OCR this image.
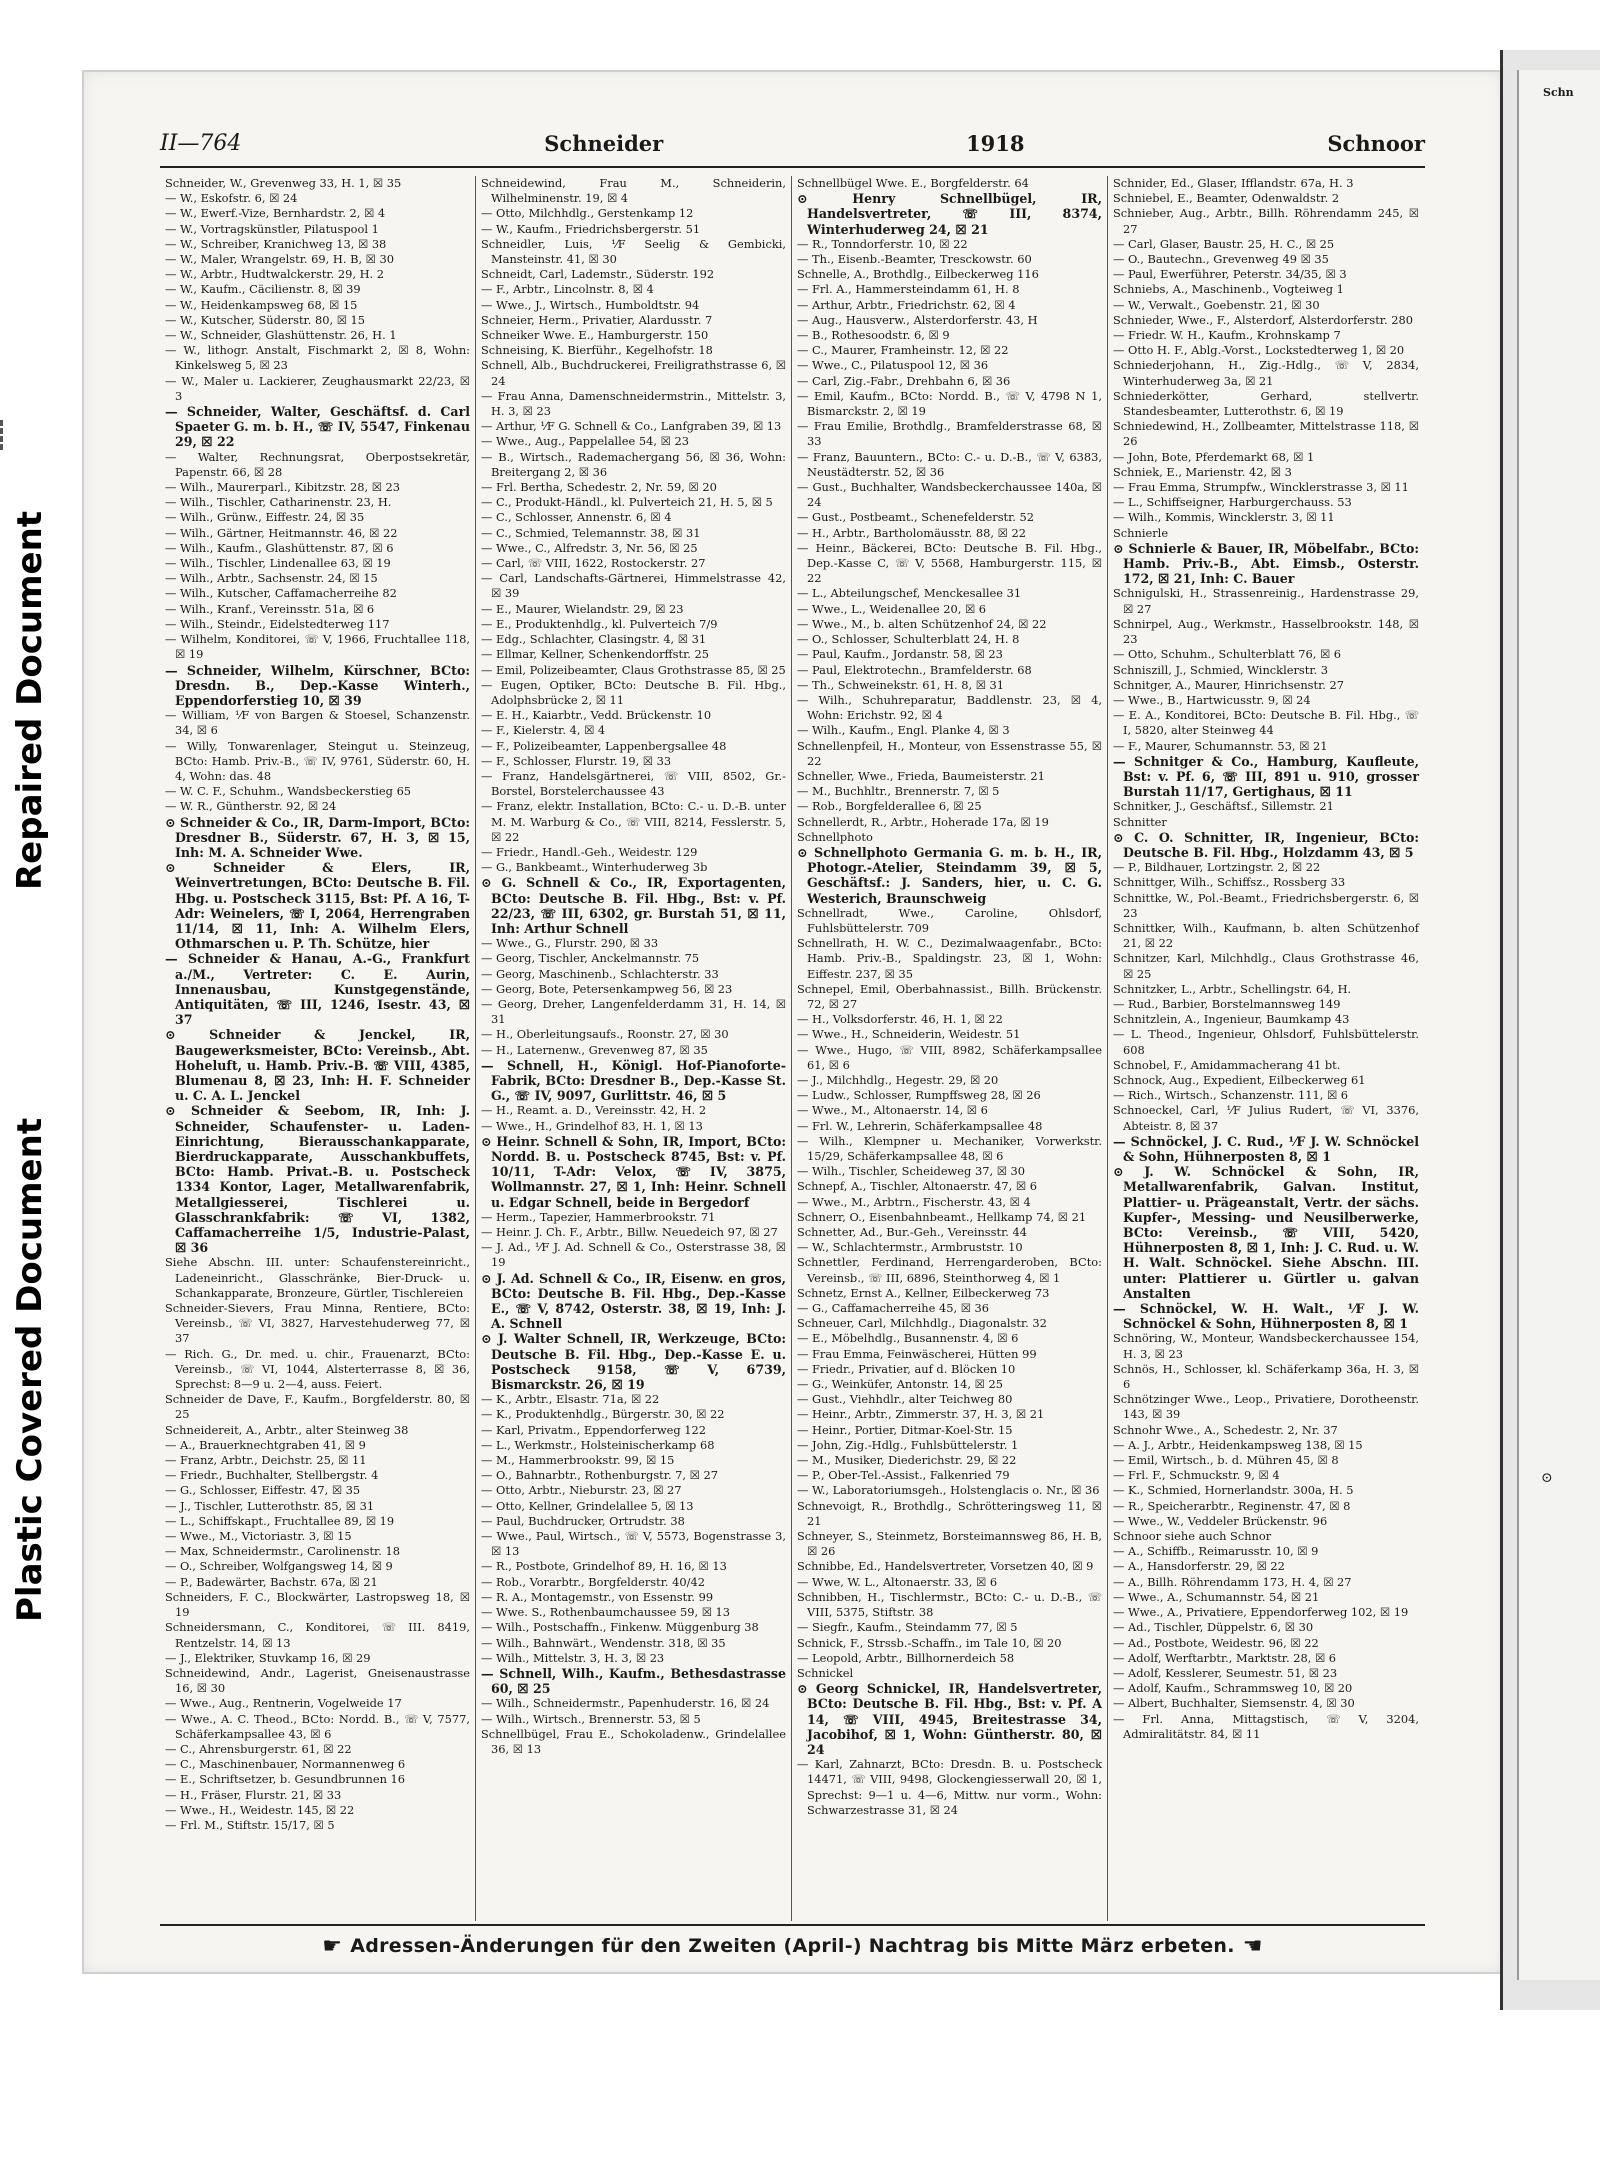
Repaired Document
Plastic Covered Document
Schn
⊙
II—764	Schneider	1918	Schnoor

Schneider, W., Grevenweg 33, H. 1, ☒ 35

— W., Eskofstr. 6, ☒ 24

— W., Ewerf.-Vize, Bernhardstr. 2, ☒ 4

— W., Vortragskünstler, Pilatuspool 1

— W., Schreiber, Kranichweg 13, ☒ 38

— W., Maler, Wrangelstr. 69, H. B, ☒ 30

— W., Arbtr., Hudtwalckerstr. 29, H. 2

— W., Kaufm., Cäcilienstr. 8, ☒ 39

— W., Heidenkampsweg 68, ☒ 15

— W., Kutscher, Süderstr. 80, ☒ 15

— W., Schneider, Glashüttenstr. 26, H. 1

— W., lithogr. Anstalt, Fischmarkt 2, ☒ 8, Wohn: Kinkelsweg 5, ☒ 23

— W., Maler u. Lackierer, Zeughausmarkt 22/23, ☒ 3

— Schneider, Walter, Geschäftsf. d. Carl Spaeter G. m. b. H., ☏ IV, 5547, Finkenau 29, ☒ 22

— Walter, Rechnungsrat, Oberpostsekretär, Papenstr. 66, ☒ 28

— Wilh., Maurerparl., Kibitzstr. 28, ☒ 23

— Wilh., Tischler, Catharinenstr. 23, H.

— Wilh., Grünw., Eiffestr. 24, ☒ 35

— Wilh., Gärtner, Heitmannstr. 46, ☒ 22

— Wilh., Kaufm., Glashüttenstr. 87, ☒ 6

— Wilh., Tischler, Lindenallee 63, ☒ 19

— Wilh., Arbtr., Sachsenstr. 24, ☒ 15

— Wilh., Kutscher, Caffamacherreihe 82

— Wilh., Kranf., Vereinsstr. 51a, ☒ 6

— Wilh., Steindr., Eidelstedterweg 117

— Wilhelm, Konditorei, ☏ V, 1966, Fruchtallee 118, ☒ 19

— Schneider, Wilhelm, Kürschner, BCto: Dresdn. B., Dep.-Kasse Winterh., Eppendorferstieg 10, ☒ 39

— William, ⅟F von Bargen & Stoesel, Schanzenstr. 34, ☒ 6

— Willy, Tonwarenlager, Steingut u. Steinzeug, BCto: Hamb. Priv.-B., ☏ IV, 9761, Süderstr. 60, H. 4, Wohn: das. 48

— W. C. F., Schuhm., Wandsbeckerstieg 65

— W. R., Güntherstr. 92, ☒ 24

⊙ Schneider & Co., IR, Darm-Import, BCto: Dresdner B., Süderstr. 67, H. 3, ☒ 15, Inh: M. A. Schneider Wwe.

⊙ Schneider & Elers, IR, Weinvertretungen, BCto: Deutsche B. Fil. Hbg. u. Postscheck 3115, Bst: Pf. A 16, T-Adr: Weinelers, ☏ I, 2064, Herrengraben 11/14, ☒ 11, Inh: A. Wilhelm Elers, Othmarschen u. P. Th. Schütze, hier

— Schneider & Hanau, A.-G., Frankfurt a./M., Vertreter: C. E. Aurin, Innenausbau, Kunstgegenstände, Antiquitäten, ☏ III, 1246, Isestr. 43, ☒ 37

⊙ Schneider & Jenckel, IR, Baugewerksmeister, BCto: Vereinsb., Abt. Hoheluft, u. Hamb. Priv.-B. ☏ VIII, 4385, Blumenau 8, ☒ 23, Inh: H. F. Schneider u. C. A. L. Jenckel

⊙ Schneider & Seebom, IR, Inh: J. Schneider, Schaufenster- u. Laden-Einrichtung, Bierausschankapparate, Bierdruckapparate, Ausschankbuffets, BCto: Hamb. Privat.-B. u. Postscheck 1334 Kontor, Lager, Metallwarenfabrik, Metallgiesserei, Tischlerei u. Glasschrankfabrik: ☏ VI, 1382, Caffamacherreihe 1/5, Industrie-Palast, ☒ 36

Siehe Abschn. III. unter: Schaufenstereinricht., Ladeneinricht., Glasschränke, Bier-Druck- u. Schankapparate, Bronzeure, Gürtler, Tischlereien

Schneider-Sievers, Frau Minna, Rentiere, BCto: Vereinsb., ☏ VI, 3827, Harvestehuderweg 77, ☒ 37

— Rich. G., Dr. med. u. chir., Frauenarzt, BCto: Vereinsb., ☏ VI, 1044, Alsterterrasse 8, ☒ 36, Sprechst: 8—9 u. 2—4, auss. Feiert.

Schneider de Dave, F., Kaufm., Borgfelderstr. 80, ☒ 25

Schneidereit, A., Arbtr., alter Steinweg 38

— A., Brauerknechtgraben 41, ☒ 9

— Franz, Arbtr., Deichstr. 25, ☒ 11

— Friedr., Buchhalter, Stellbergstr. 4

— G., Schlosser, Eiffestr. 47, ☒ 35

— J., Tischler, Lutterothstr. 85, ☒ 31

— L., Schiffskapt., Fruchtallee 89, ☒ 19

— Wwe., M., Victoriastr. 3, ☒ 15

— Max, Schneidermstr., Carolinenstr. 18

— O., Schreiber, Wolfgangsweg 14, ☒ 9

— P., Badewärter, Bachstr. 67a, ☒ 21

Schneiders, F. C., Blockwärter, Lastropsweg 18, ☒ 19

Schneidersmann, C., Konditorei, ☏ III. 8419, Rentzelstr. 14, ☒ 13

— J., Elektriker, Stuvkamp 16, ☒ 29

Schneidewind, Andr., Lagerist, Gneisenaustrasse 16, ☒ 30

— Wwe., Aug., Rentnerin, Vogelweide 17

— Wwe., A. C. Theod., BCto: Nordd. B., ☏ V, 7577, Schäferkampsallee 43, ☒ 6

— C., Ahrensburgerstr. 61, ☒ 22

— C., Maschinenbauer, Normannenweg 6

— E., Schriftsetzer, b. Gesundbrunnen 16

— H., Fräser, Flurstr. 21, ☒ 33

— Wwe., H., Weidestr. 145, ☒ 22

— Frl. M., Stiftstr. 15/17, ☒ 5

Schneidewind, Frau M., Schneiderin, Wilhelminenstr. 19, ☒ 4

— Otto, Milchhdlg., Gerstenkamp 12

— W., Kaufm., Friedrichsbergerstr. 51

Schneidler, Luis, ⅟F Seelig & Gembicki, Mansteinstr. 41, ☒ 30

Schneidt, Carl, Lademstr., Süderstr. 192

— F., Arbtr., Lincolnstr. 8, ☒ 4

— Wwe., J., Wirtsch., Humboldtstr. 94

Schneier, Herm., Privatier, Alardusstr. 7

Schneiker Wwe. E., Hamburgerstr. 150

Schneising, K. Bierführ., Kegelhofstr. 18

Schnell, Alb., Buchdruckerei, Freiligrathstrasse 6, ☒ 24

— Frau Anna, Damenschneidermstrin., Mittelstr. 3, H. 3, ☒ 23

— Arthur, ⅟F G. Schnell & Co., Lanfgraben 39, ☒ 13

— Wwe., Aug., Pappelallee 54, ☒ 23

— B., Wirtsch., Rademachergang 56, ☒ 36, Wohn: Breitergang 2, ☒ 36

— Frl. Bertha, Schedestr. 2, Nr. 59, ☒ 20

— C., Produkt-Händl., kl. Pulverteich 21, H. 5, ☒ 5

— C., Schlosser, Annenstr. 6, ☒ 4

— C., Schmied, Telemannstr. 38, ☒ 31

— Wwe., C., Alfredstr. 3, Nr. 56, ☒ 25

— Carl, ☏ VIII, 1622, Rostockerstr. 27

— Carl, Landschafts-Gärtnerei, Himmelstrasse 42, ☒ 39

— E., Maurer, Wielandstr. 29, ☒ 23

— E., Produktenhdlg., kl. Pulverteich 7/9

— Edg., Schlachter, Clasingstr. 4, ☒ 31

— Ellmar, Kellner, Schenkendorffstr. 25

— Emil, Polizeibeamter, Claus Grothstrasse 85, ☒ 25

— Eugen, Optiker, BCto: Deutsche B. Fil. Hbg., Adolphsbrücke 2, ☒ 11

— E. H., Kaiarbtr., Vedd. Brückenstr. 10

— F., Kielerstr. 4, ☒ 4

— F., Polizeibeamter, Lappenbergsallee 48

— F., Schlosser, Flurstr. 19, ☒ 33

— Franz, Handelsgärtnerei, ☏ VIII, 8502, Gr.-Borstel, Borstelerchaussee 43

— Franz, elektr. Installation, BCto: C.- u. D.-B. unter M. M. Warburg & Co., ☏ VIII, 8214, Fesslerstr. 5, ☒ 22

— Friedr., Handl.-Geh., Weidestr. 129

— G., Bankbeamt., Winterhuderweg 3b

⊙ G. Schnell & Co., IR, Exportagenten, BCto: Deutsche B. Fil. Hbg., Bst: v. Pf. 22/23, ☏ III, 6302, gr. Burstah 51, ☒ 11, Inh: Arthur Schnell

— Wwe., G., Flurstr. 290, ☒ 33

— Georg, Tischler, Anckelmannstr. 75

— Georg, Maschinenb., Schlachterstr. 33

— Georg, Bote, Petersenkampweg 56, ☒ 23

— Georg, Dreher, Langenfelderdamm 31, H. 14, ☒ 31

— H., Oberleitungsaufs., Roonstr. 27, ☒ 30

— H., Laternenw., Grevenweg 87, ☒ 35

— Schnell, H., Königl. Hof-Pianoforte-Fabrik, BCto: Dresdner B., Dep.-Kasse St. G., ☏ IV, 9097, Gurlittstr. 46, ☒ 5

— H., Reamt. a. D., Vereinsstr. 42, H. 2

— Wwe., H., Grindelhof 83, H. 1, ☒ 13

⊙ Heinr. Schnell & Sohn, IR, Import, BCto: Nordd. B. u. Postscheck 8745, Bst: v. Pf. 10/11, T-Adr: Velox, ☏ IV, 3875, Wollmannstr. 27, ☒ 1, Inh: Heinr. Schnell u. Edgar Schnell, beide in Bergedorf

— Herm., Tapezier, Hammerbrookstr. 71

— Heinr. J. Ch. F., Arbtr., Billw. Neuedeich 97, ☒ 27

— J. Ad., ⅟F J. Ad. Schnell & Co., Osterstrasse 38, ☒ 19

⊙ J. Ad. Schnell & Co., IR, Eisenw. en gros, BCto: Deutsche B. Fil. Hbg., Dep.-Kasse E., ☏ V, 8742, Osterstr. 38, ☒ 19, Inh: J. A. Schnell

⊙ J. Walter Schnell, IR, Werkzeuge, BCto: Deutsche B. Fil. Hbg., Dep.-Kasse E. u. Postscheck 9158, ☏ V, 6739, Bismarckstr. 26, ☒ 19

— K., Arbtr., Elsastr. 71a, ☒ 22

— K., Produktenhdlg., Bürgerstr. 30, ☒ 22

— Karl, Privatm., Eppendorferweg 122

— L., Werkmstr., Holsteinischerkamp 68

— M., Hammerbrookstr. 99, ☒ 15

— O., Bahnarbtr., Rothenburgstr. 7, ☒ 27

— Otto, Arbtr., Nieburstr. 23, ☒ 27

— Otto, Kellner, Grindelallee 5, ☒ 13

— Paul, Buchdrucker, Ortrudstr. 38

— Wwe., Paul, Wirtsch., ☏ V, 5573, Bogenstrasse 3, ☒ 13

— R., Postbote, Grindelhof 89, H. 16, ☒ 13

— Rob., Vorarbtr., Borgfelderstr. 40/42

— R. A., Montagemstr., von Essenstr. 99

— Wwe. S., Rothenbaumchaussee 59, ☒ 13

— Wilh., Postschaffn., Finkenw. Müggenburg 38

— Wilh., Bahnwärt., Wendenstr. 318, ☒ 35

— Wilh., Mittelstr. 3, H. 3, ☒ 23

— Schnell, Wilh., Kaufm., Bethesdastrasse 60, ☒ 25

— Wilh., Schneidermstr., Papenhuderstr. 16, ☒ 24

— Wilh., Wirtsch., Brennerstr. 53, ☒ 5

Schnellbügel, Frau E., Schokoladenw., Grindelallee 36, ☒ 13

Schnellbügel Wwe. E., Borgfelderstr. 64

⊙ Henry Schnellbügel, IR, Handelsvertreter, ☏ III, 8374, Winterhuderweg 24, ☒ 21

— R., Tonndorferstr. 10, ☒ 22

— Th., Eisenb.-Beamter, Tresckowstr. 60

Schnelle, A., Brothdlg., Eilbeckerweg 116

— Frl. A., Hammersteindamm 61, H. 8

— Arthur, Arbtr., Friedrichstr. 62, ☒ 4

— Aug., Hausverw., Alsterdorferstr. 43, H

— B., Rothesoodstr. 6, ☒ 9

— C., Maurer, Framheinstr. 12, ☒ 22

— Wwe., C., Pilatuspool 12, ☒ 36

— Carl, Zig.-Fabr., Drehbahn 6, ☒ 36

— Emil, Kaufm., BCto: Nordd. B., ☏ V, 4798 N 1, Bismarckstr. 2, ☒ 19

— Frau Emilie, Brothdlg., Bramfelderstrasse 68, ☒ 33

— Franz, Bauuntern., BCto: C.- u. D.-B., ☏ V, 6383, Neustädterstr. 52, ☒ 36

— Gust., Buchhalter, Wandsbeckerchaussee 140a, ☒ 24

— Gust., Postbeamt., Schenefelderstr. 52

— H., Arbtr., Bartholomäusstr. 88, ☒ 22

— Heinr., Bäckerei, BCto: Deutsche B. Fil. Hbg., Dep.-Kasse C, ☏ V, 5568, Hamburgerstr. 115, ☒ 22

— L., Abteilungschef, Menckesallee 31

— Wwe., L., Weidenallee 20, ☒ 6

— Wwe., M., b. alten Schützenhof 24, ☒ 22

— O., Schlosser, Schulterblatt 24, H. 8

— Paul, Kaufm., Jordanstr. 58, ☒ 23

— Paul, Elektrotechn., Bramfelderstr. 68

— Th., Schweinekstr. 61, H. 8, ☒ 31

— Wilh., Schuhreparatur, Baddlenstr. 23, ☒ 4, Wohn: Erichstr. 92, ☒ 4

— Wilh., Kaufm., Engl. Planke 4, ☒ 3

Schnellenpfeil, H., Monteur, von Essenstrasse 55, ☒ 22

Schneller, Wwe., Frieda, Baumeisterstr. 21

— M., Buchhltr., Brennerstr. 7, ☒ 5

— Rob., Borgfelderallee 6, ☒ 25

Schnellerdt, R., Arbtr., Hoherade 17a, ☒ 19

Schnellphoto

⊙ Schnellphoto Germania G. m. b. H., IR, Photogr.-Atelier, Steindamm 39, ☒ 5, Geschäftsf.: J. Sanders, hier, u. C. G. Westerich, Braunschweig

Schnellradt, Wwe., Caroline, Ohlsdorf, Fuhlsbüttelerstr. 709

Schnellrath, H. W. C., Dezimalwaagenfabr., BCto: Hamb. Priv.-B., Spaldingstr. 23, ☒ 1, Wohn: Eiffestr. 237, ☒ 35

Schnepel, Emil, Oberbahnassist., Billh. Brückenstr. 72, ☒ 27

— H., Volksdorferstr. 46, H. 1, ☒ 22

— Wwe., H., Schneiderin, Weidestr. 51

— Wwe., Hugo, ☏ VIII, 8982, Schäferkampsallee 61, ☒ 6

— J., Milchhdlg., Hegestr. 29, ☒ 20

— Ludw., Schlosser, Rumpffsweg 28, ☒ 26

— Wwe., M., Altonaerstr. 14, ☒ 6

— Frl. W., Lehrerin, Schäferkampsallee 48

— Wilh., Klempner u. Mechaniker, Vorwerkstr. 15/29, Schäferkampsallee 48, ☒ 6

— Wilh., Tischler, Scheideweg 37, ☒ 30

Schnepf, A., Tischler, Altonaerstr. 47, ☒ 6

— Wwe., M., Arbtrn., Fischerstr. 43, ☒ 4

Schnerr, O., Eisenbahnbeamt., Hellkamp 74, ☒ 21

Schnetter, Ad., Bur.-Geh., Vereinsstr. 44

— W., Schlachtermstr., Armbruststr. 10

Schnettler, Ferdinand, Herrengarderoben, BCto: Vereinsb., ☏ III, 6896, Steinthorweg 4, ☒ 1

Schnetz, Ernst A., Kellner, Eilbeckerweg 73

— G., Caffamacherreihe 45, ☒ 36

Schneuer, Carl, Milchhdlg., Diagonalstr. 32

— E., Möbelhdlg., Busannenstr. 4, ☒ 6

— Frau Emma, Feinwäscherei, Hütten 99

— Friedr., Privatier, auf d. Blöcken 10

— G., Weinküfer, Antonstr. 14, ☒ 25

— Gust., Viehhdlr., alter Teichweg 80

— Heinr., Arbtr., Zimmerstr. 37, H. 3, ☒ 21

— Heinr., Portier, Ditmar-Koel-Str. 15

— John, Zig.-Hdlg., Fuhlsbüttelerstr. 1

— M., Musiker, Diederichstr. 29, ☒ 22

— P., Ober-Tel.-Assist., Falkenried 79

— W., Laboratoriumsgeh., Holstenglacis o. Nr., ☒ 36

Schnevoigt, R., Brothdlg., Schrötteringsweg 11, ☒ 21

Schneyer, S., Steinmetz, Borsteimannsweg 86, H. B, ☒ 26

Schnibbe, Ed., Handelsvertreter, Vorsetzen 40, ☒ 9

— Wwe, W. L., Altonaerstr. 33, ☒ 6

Schnibben, H., Tischlermstr., BCto: C.- u. D.-B., ☏ VIII, 5375, Stiftstr. 38

— Siegfr., Kaufm., Steindamm 77, ☒ 5

Schnick, F., Strssb.-Schaffn., im Tale 10, ☒ 20

— Leopold, Arbtr., Billhornerdeich 58

Schnickel

⊙ Georg Schnickel, IR, Handelsvertreter, BCto: Deutsche B. Fil. Hbg., Bst: v. Pf. A 14, ☏ VIII, 4945, Breitestrasse 34, Jacobihof, ☒ 1, Wohn: Güntherstr. 80, ☒ 24

— Karl, Zahnarzt, BCto: Dresdn. B. u. Postscheck 14471, ☏ VIII, 9498, Glockengiesserwall 20, ☒ 1, Sprechst: 9—1 u. 4—6, Mittw. nur vorm., Wohn: Schwarzestrasse 31, ☒ 24

Schnider, Ed., Glaser, Ifflandstr. 67a, H. 3

Schniebel, E., Beamter, Odenwaldstr. 2

Schnieber, Aug., Arbtr., Billh. Röhrendamm 245, ☒ 27

— Carl, Glaser, Baustr. 25, H. C., ☒ 25

— O., Bautechn., Grevenweg 49 ☒ 35

— Paul, Ewerführer, Peterstr. 34/35, ☒ 3

Schniebs, A., Maschinenb., Vogteiweg 1

— W., Verwalt., Goebenstr. 21, ☒ 30

Schnieder, Wwe., F., Alsterdorf, Alsterdorferstr. 280

— Friedr. W. H., Kaufm., Krohnskamp 7

— Otto H. F., Ablg.-Vorst., Lockstedterweg 1, ☒ 20

Schniederjohann, H., Zig.-Hdlg., ☏ V, 2834, Winterhuderweg 3a, ☒ 21

Schniederkötter, Gerhard, stellvertr. Standesbeamter, Lutterothstr. 6, ☒ 19

Schniedewind, H., Zollbeamter, Mittelstrasse 118, ☒ 26

— John, Bote, Pferdemarkt 68, ☒ 1

Schniek, E., Marienstr. 42, ☒ 3

— Frau Emma, Strumpfw., Wincklerstrasse 3, ☒ 11

— L., Schiffseigner, Harburgerchauss. 53

— Wilh., Kommis, Wincklerstr. 3, ☒ 11

Schnierle

⊙ Schnierle & Bauer, IR, Möbelfabr., BCto: Hamb. Priv.-B., Abt. Eimsb., Osterstr. 172, ☒ 21, Inh: C. Bauer

Schnigulski, H., Strassenreinig., Hardenstrasse 29, ☒ 27

Schnirpel, Aug., Werkmstr., Hasselbrookstr. 148, ☒ 23

— Otto, Schuhm., Schulterblatt 76, ☒ 6

Schniszill, J., Schmied, Wincklerstr. 3

Schnitger, A., Maurer, Hinrichsenstr. 27

— Wwe., B., Hartwicusstr. 9, ☒ 24

— E. A., Konditorei, BCto: Deutsche B. Fil. Hbg., ☏ I, 5820, alter Steinweg 44

— F., Maurer, Schumannstr. 53, ☒ 21

— Schnitger & Co., Hamburg, Kaufleute, Bst: v. Pf. 6, ☏ III, 891 u. 910, grosser Burstah 11/17, Gertighaus, ☒ 11

Schnitker, J., Geschäftsf., Sillemstr. 21

Schnitter

⊙ C. O. Schnitter, IR, Ingenieur, BCto: Deutsche B. Fil. Hbg., Holzdamm 43, ☒ 5

— P., Bildhauer, Lortzingstr. 2, ☒ 22

Schnittger, Wilh., Schiffsz., Rossberg 33

Schnittke, W., Pol.-Beamt., Friedrichsbergerstr. 6, ☒ 23

Schnittker, Wilh., Kaufmann, b. alten Schützenhof 21, ☒ 22

Schnitzer, Karl, Milchhdlg., Claus Grothstrasse 46, ☒ 25

Schnitzker, L., Arbtr., Schellingstr. 64, H.

— Rud., Barbier, Borstelmannsweg 149

Schnitzlein, A., Ingenieur, Baumkamp 43

— L. Theod., Ingenieur, Ohlsdorf, Fuhlsbüttelerstr. 608

Schnobel, F., Amidammacherang 41 bt.

Schnock, Aug., Expedient, Eilbeckerweg 61

— Rich., Wirtsch., Schanzenstr. 111, ☒ 6

Schnoeckel, Carl, ⅟F Julius Rudert, ☏ VI, 3376, Abteistr. 8, ☒ 37

— Schnöckel, J. C. Rud., ⅟F J. W. Schnöckel & Sohn, Hühnerposten 8, ☒ 1

⊙ J. W. Schnöckel & Sohn, IR, Metallwarenfabrik, Galvan. Institut, Plattier- u. Prägeanstalt, Vertr. der sächs. Kupfer-, Messing- und Neusilberwerke, BCto: Vereinsb., ☏ VIII, 5420, Hühnerposten 8, ☒ 1, Inh: J. C. Rud. u. W. H. Walt. Schnöckel. Siehe Abschn. III. unter: Plattierer u. Gürtler u. galvan Anstalten

— Schnöckel, W. H. Walt., ⅟F J. W. Schnöckel & Sohn, Hühnerposten 8, ☒ 1

Schnöring, W., Monteur, Wandsbeckerchaussee 154, H. 3, ☒ 23

Schnös, H., Schlosser, kl. Schäferkamp 36a, H. 3, ☒ 6

Schnötzinger Wwe., Leop., Privatiere, Dorotheenstr. 143, ☒ 39

Schnohr Wwe., A., Schedestr. 2, Nr. 37

— A. J., Arbtr., Heidenkampsweg 138, ☒ 15

— Emil, Wirtsch., b. d. Mühren 45, ☒ 8

— Frl. F., Schmuckstr. 9, ☒ 4

— K., Schmied, Hornerlandstr. 300a, H. 5

— R., Speicherarbtr., Reginenstr. 47, ☒ 8

— Wwe., W., Veddeler Brückenstr. 96

Schnoor siehe auch Schnor

— A., Schiffb., Reimarusstr. 10, ☒ 9

— A., Hansdorferstr. 29, ☒ 22

— A., Billh. Röhrendamm 173, H. 4, ☒ 27

— Wwe., A., Schumannstr. 54, ☒ 21

— Wwe., A., Privatiere, Eppendorferweg 102, ☒ 19

— Ad., Tischler, Düppelstr. 6, ☒ 30

— Ad., Postbote, Weidestr. 96, ☒ 22

— Adolf, Werftarbtr., Marktstr. 28, ☒ 6

— Adolf, Kesslerer, Seumestr. 51, ☒ 23

— Adolf, Kaufm., Schrammsweg 10, ☒ 20

— Albert, Buchhalter, Siemsenstr. 4, ☒ 30

— Frl. Anna, Mittagstisch, ☏ V, 3204, Admiralitätstr. 84, ☒ 11

☛ Adressen-Änderungen für den Zweiten (April-) Nachtrag bis Mitte März erbeten. ☚
